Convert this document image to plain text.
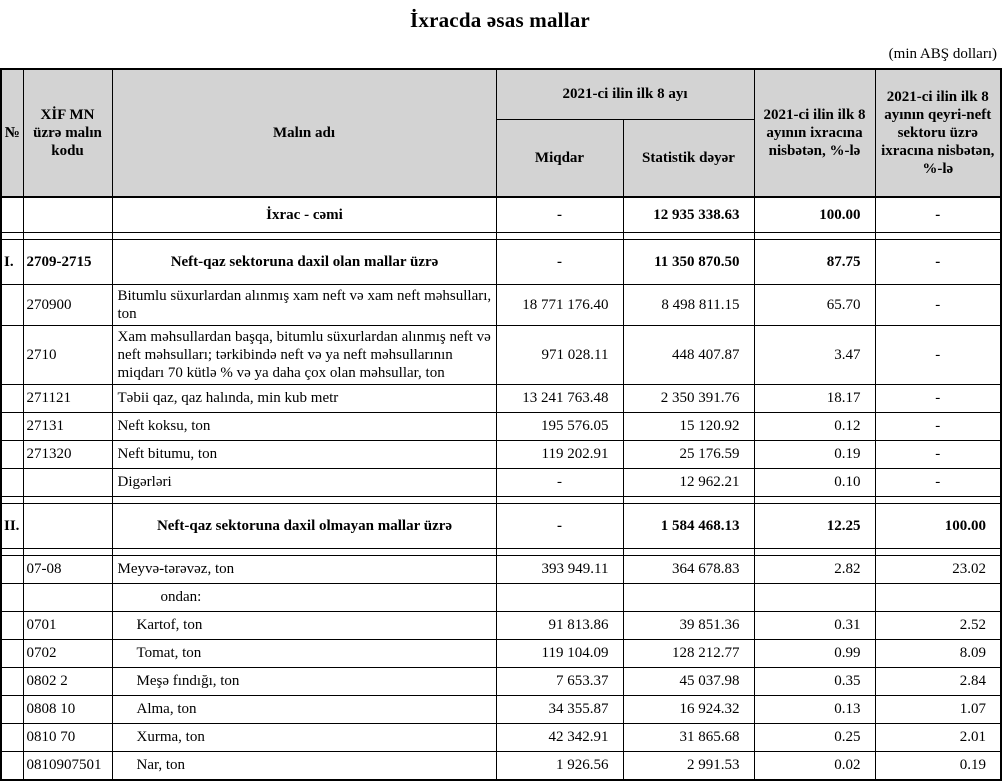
İxracda əsas mallar
(min ABŞ dolları)
№	XİF MN üzrə malın kodu	Malın adı	2021-ci ilin ilk 8 ayı		2021-ci ilin ilk 8 ayının ixracına nisbətən, %-lə	2021-ci ilin ilk 8 ayının qeyri-neft sektoru üzrə ixracına nisbətən, %-lə
			Miqdar	Statistik dəyər		
		İxrac - cəmi	-	12 935 338.63	100.00	-

I.	2709-2715	Neft-qaz sektoruna daxil olan mallar üzrə	-	11 350 870.50	87.75	-
	270900	Bitumlu süxurlardan alınmış xam neft və xam neft məhsulları, ton	18 771 176.40	8 498 811.15	65.70	-
	2710	Xam məhsullardan başqa, bitumlu süxurlardan alınmış neft və neft məhsulları; tərkibində neft və ya neft məhsullarının miqdarı 70 kütlə % və ya daha çox olan məhsullar, ton	971 028.11	448 407.87	3.47	-
	271121	Təbii qaz, qaz halında, min kub metr	13 241 763.48	2 350 391.76	18.17	-
	27131	Neft koksu, ton	195 576.05	15 120.92	0.12	-
	271320	Neft bitumu, ton	119 202.91	25 176.59	0.19	-
		Digərləri	-	12 962.21	0.10	-

II.		Neft-qaz sektoruna daxil olmayan mallar üzrə	-	1 584 468.13	12.25	100.00

	07-08	Meyvə-tərəvəz, ton	393 949.11	364 678.83	2.82	23.02
		ondan:				
	0701	Kartof, ton	91 813.86	39 851.36	0.31	2.52
	0702	Tomat, ton	119 104.09	128 212.77	0.99	8.09
	0802 2	Meşə fındığı, ton	7 653.37	45 037.98	0.35	2.84
	0808 10	Alma, ton	34 355.87	16 924.32	0.13	1.07
	0810 70	Xurma, ton	42 342.91	31 865.68	0.25	2.01
	0810907501	Nar, ton	1 926.56	2 991.53	0.02	0.19
